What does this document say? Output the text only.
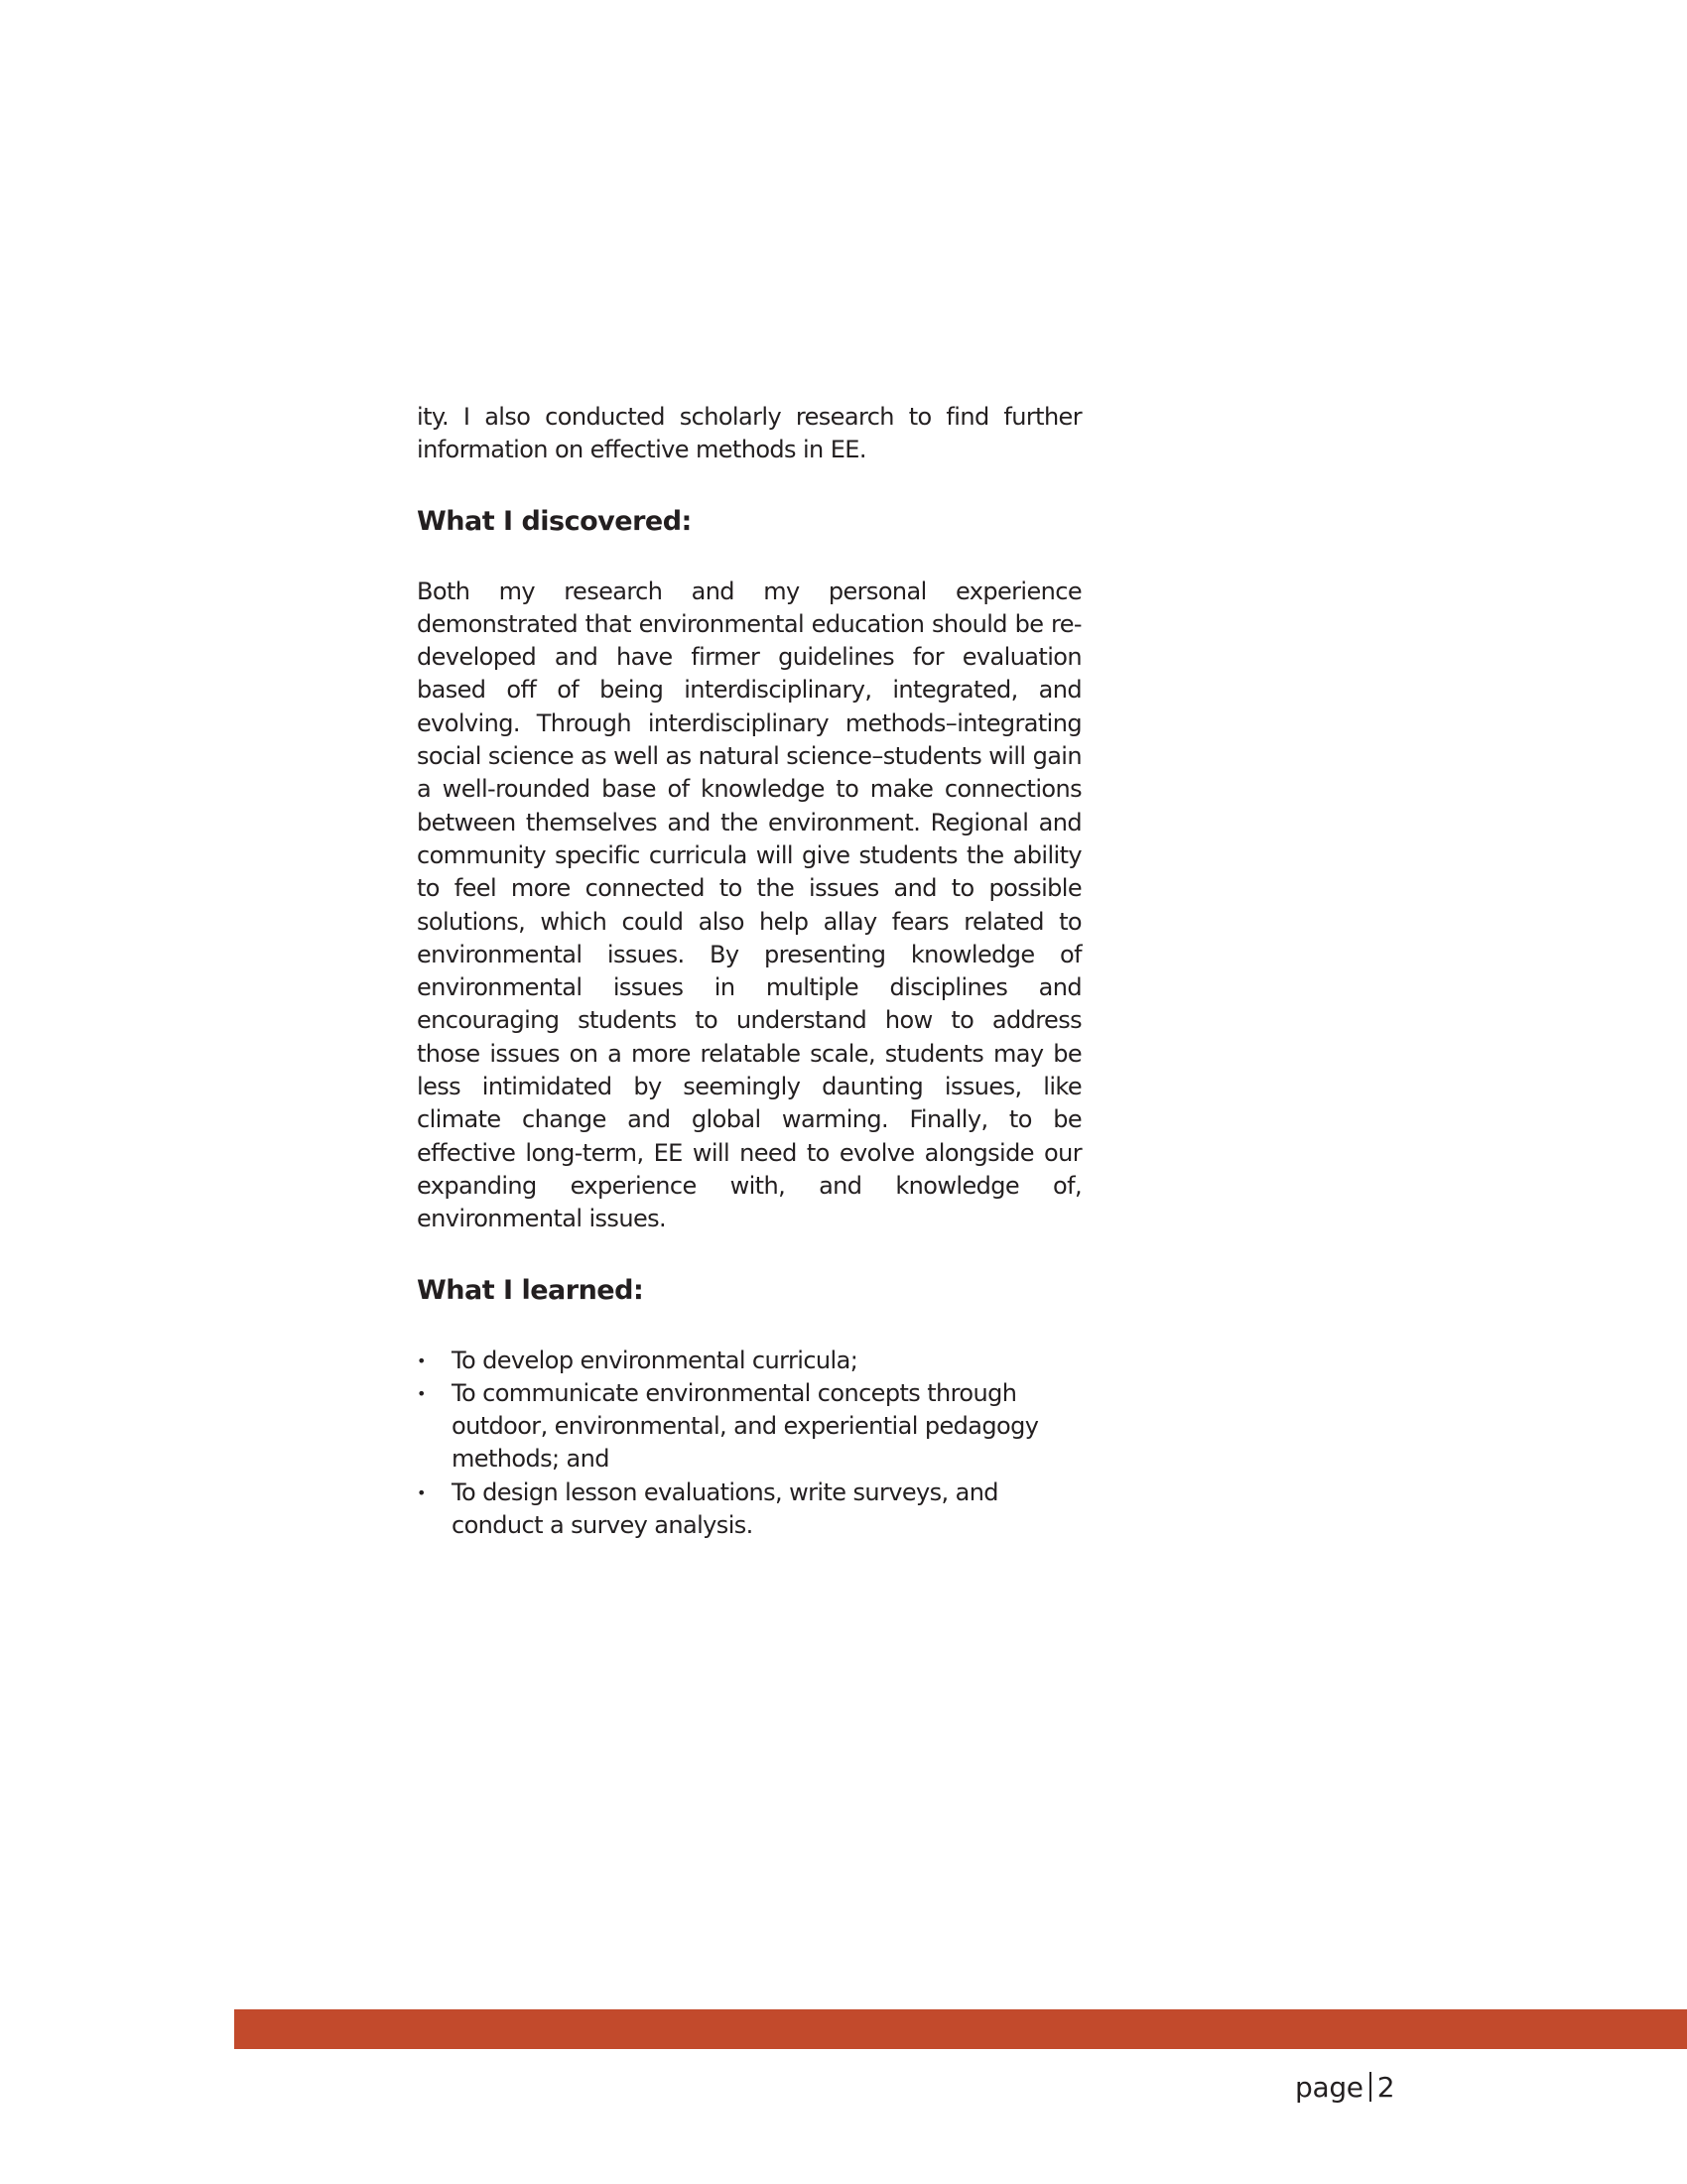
ity. I also conducted scholarly research to find further information on effective methods in EE.

What I discovered:

Both my research and my personal experience demonstrated that environmental education should be re-developed and have firmer guidelines for evaluation based off of being interdisciplinary, integrated, and evolving. Through interdisciplinary methods–integrating social science as well as natural science–students will gain a well-rounded base of knowledge to make connections between themselves and the environment. Regional and community specific curricula will give students the ability to feel more connected to the issues and to possible solutions, which could also help allay fears related to environmental issues. By presenting knowledge of environmental issues in multiple disciplines and encouraging students to understand how to address those issues on a more relatable scale, students may be less intimidated by seemingly daunting issues, like climate change and global warming. Finally, to be effective long-term, EE will need to evolve alongside our expanding experience with, and knowledge of, environmental issues.

What I learned:
• To develop environmental curricula;
• To communicate environmental concepts through outdoor, environmental, and experiential pedagogy methods; and
• To design lesson evaluations, write surveys, and conduct a survey analysis.
page 2
